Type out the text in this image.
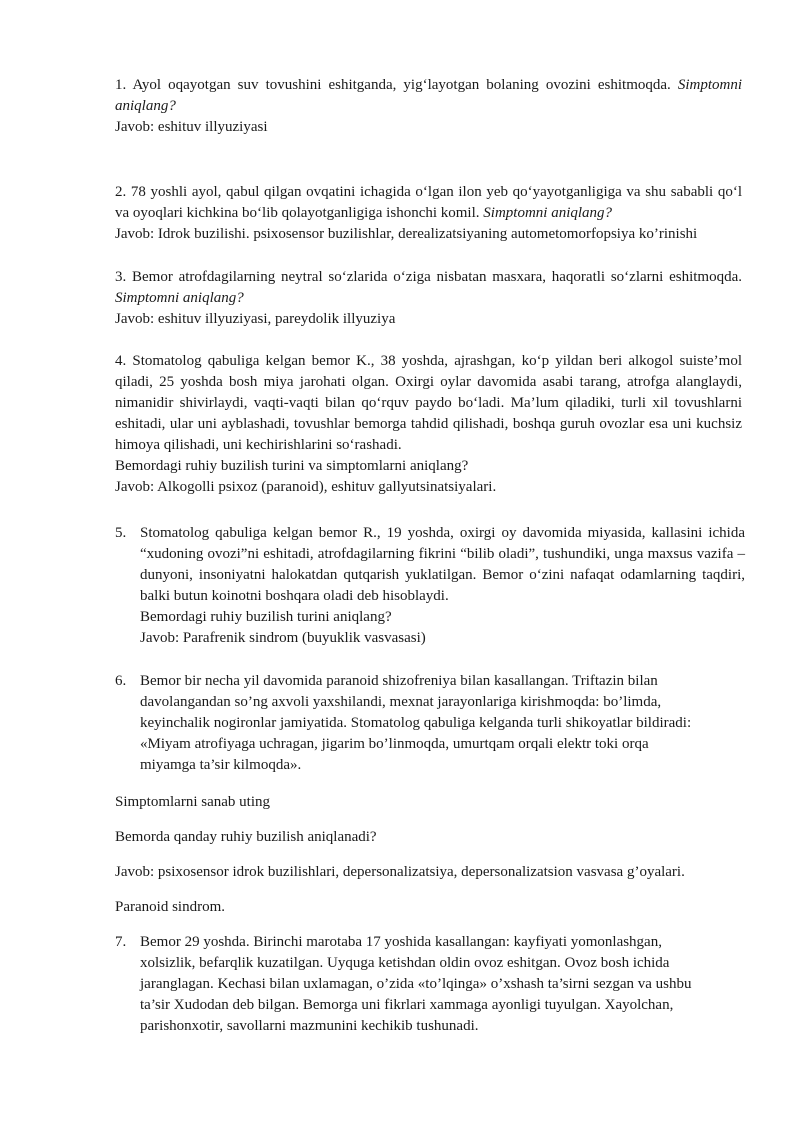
1. Ayol oqayotgan suv tovushini eshitganda, yig‘layotgan bolaning ovozini eshitmoqda. Simptomni aniqlang?
Javob: eshituv illyuziyasi

2. 78 yoshli ayol, qabul qilgan ovqatini ichagida o‘lgan ilon yeb qo‘yayotganligiga va shu sababli qo‘l va oyoqlari kichkina bo‘lib qolayotganligiga ishonchi komil. Simptomni aniqlang?
Javob: Idrok buzilishi. psixosensor buzilishlar, derealizatsiyaning autometomorfopsiya ko’rinishi

3. Bemor atrofdagilarning neytral so‘zlarida o‘ziga nisbatan masxara, haqoratli so‘zlarni eshitmoqda. Simptomni aniqlang?
Javob: eshituv illyuziyasi, pareydolik illyuziya

4. Stomatolog qabuliga kelgan bemor K., 38 yoshda, ajrashgan, ko‘p yildan beri alkogol suiste’mol qiladi, 25 yoshda bosh miya jarohati olgan. Oxirgi oylar davomida asabi tarang, atrofga alanglaydi, nimanidir shivirlaydi, vaqti-vaqti bilan qo‘rquv paydo bo‘ladi. Ma’lum qiladiki, turli xil tovushlarni eshitadi, ular uni ayblashadi, tovushlar bemorga tahdid qilishadi, boshqa guruh ovozlar esa uni kuchsiz himoya qilishadi, uni kechirishlarini so‘rashadi.
Bemordagi ruhiy buzilish turini va simptomlarni aniqlang?
Javob: Alkogolli psixoz (paranoid), eshituv gallyutsinatsiyalari.

5. Stomatolog qabuliga kelgan bemor R., 19 yoshda, oxirgi oy davomida miyasida, kallasini ichida “xudoning ovozi”ni eshitadi, atrofdagilarning fikrini “bilib oladi”, tushundiki, unga maxsus vazifa – dunyoni, insoniyatni halokatdan qutqarish yuklatilgan. Bemor o‘zini nafaqat odamlarning taqdiri, balki butun koinotni boshqara oladi deb hisoblaydi.
Bemordagi ruhiy buzilish turini aniqlang?
Javob: Parafrenik sindrom (buyuklik vasvasasi)

6. Bemor bir necha yil davomida paranoid shizofreniya bilan kasallangan. Triftazin bilan
davolangandan so’ng axvoli yaxshilandi, mexnat jarayonlariga kirishmoqda: bo’limda,
keyinchalik nogironlar jamiyatida. Stomatolog qabuliga kelganda turli shikoyatlar bildiradi:
«Miyam atrofiyaga uchragan, jigarim bo’linmoqda, umurtqam orqali elektr toki orqa
miyamga ta’sir kilmoqda».

Simptomlarni sanab uting

Bemorda qanday ruhiy buzilish aniqlanadi?

Javob: psixosensor idrok buzilishlari, depersonalizatsiya, depersonalizatsion vasvasa g’oyalari.

Paranoid sindrom.

7. Bemor 29 yoshda. Birinchi marotaba 17 yoshida kasallangan: kayfiyati yomonlashgan,
xolsizlik, befarqlik kuzatilgan. Uyquga ketishdan oldin ovoz eshitgan. Ovoz bosh ichida
jaranglagan. Kechasi bilan uxlamagan, o’zida «to’lqinga» o’xshash ta’sirni sezgan va ushbu
ta’sir Xudodan deb bilgan. Bemorga uni fikrlari xammaga ayonligi tuyulgan. Xayolchan,
parishonxotir, savollarni mazmunini kechikib tushunadi.
